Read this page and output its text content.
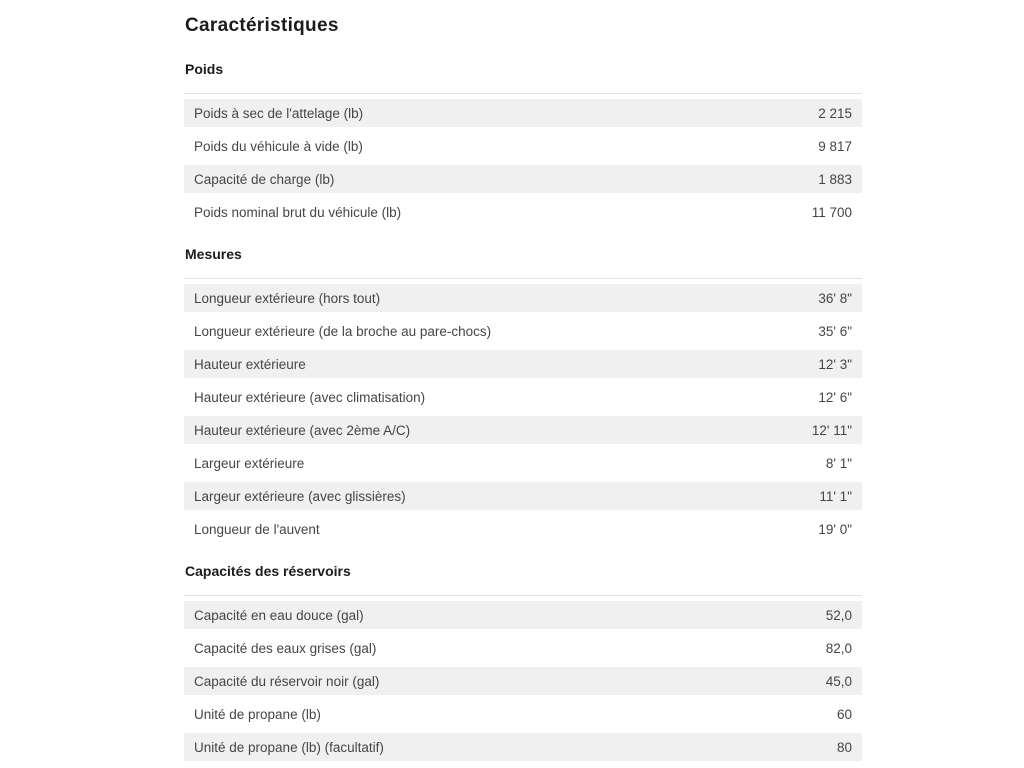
Caractéristiques
Poids
Poids à sec de l'attelage (lb)	2 215
Poids du véhicule à vide (lb)	9 817
Capacité de charge (lb)	1 883
Poids nominal brut du véhicule (lb)	11 700
Mesures
Longueur extérieure (hors tout)	36' 8"
Longueur extérieure (de la broche au pare-chocs)	35' 6"
Hauteur extérieure	12' 3"
Hauteur extérieure (avec climatisation)	12' 6"
Hauteur extérieure (avec 2ème A/C)	12' 11"
Largeur extérieure	8' 1"
Largeur extérieure (avec glissières)	11' 1"
Longueur de l'auvent	19' 0"
Capacités des réservoirs
Capacité en eau douce (gal)	52,0
Capacité des eaux grises (gal)	82,0
Capacité du réservoir noir (gal)	45,0
Unité de propane (lb)	60
Unité de propane (lb) (facultatif)	80
